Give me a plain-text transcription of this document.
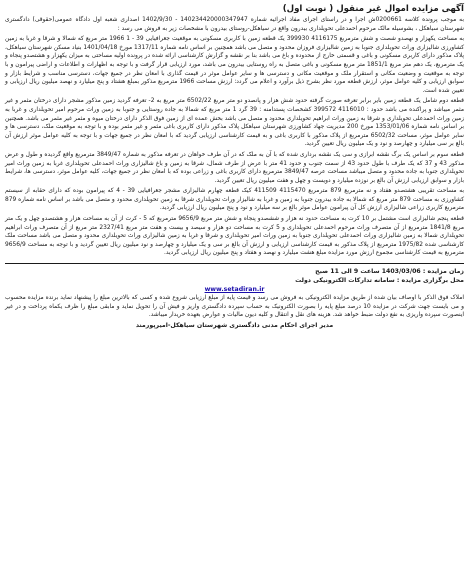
آگهی مزایده اموال غیر منقول ( نوبت اول)
به موجب پرونده کلاسه 0200661ش اجرا و در راستای اجرای مفاد اجرائیه شماره 140234420000347947 - 1402/9/30 اصداری شعبه اول دادگاه عمومی(حقوقی) دادگستری شهرستان سیاهکل ، بشوسیله مالک مرحوم احمدعلی تحویلداری بیدرون واقع در سیاهکل-روستای بیدرون با مشخصات زیر به فروش می رسد :
به مساحت یکهزار و نهصدو شصت و شش مترمربع 4116175 399930 یک قطعه زمین با کاربری مسکونی به موقعیت جغرافیایی 39 - 1 1966 متر مربع که شمالا و شرقا و غربا به زمین کشاورزی شالیزاری وراث تحویلداری جنوبا به زمین شالیزاری فروزان محدود و متصل می باشد همچنین بر اساس نامه شماره 1317/11 مورخ 1401/04/18 بنیاد مسکن شهرستان سیاهکل، پلاک مذکور دارای کاربری مسکونی و باغی و قسمتی خارج از محدوده و باغ می باشد بنا بر نقشه و گزارش کارشناسی ارائه شده در پرونده اولیه مساحتی به میزان یکهزار و هشتصدو پنجاه و یک مترمربع، یک دهم متر مربع 1851/1 متر مربع مسکونی و باغی متصل به راه روستایی بیدرون می باشد، مورد ارزیابی قرار گرفت و با توجه به اظهارات و اطلاعات و اراضی پیرامون و با توجه به موقعیت و وضعیت مکانی و استقرار ملک و موقعیت مکانی و دسترسی ها و سایر عوامل موثر در قیمت گذاری با امعان نظر در جمیع جهات، دسترسی مناسب و شرایط بازار و سوابق ارزیابی و کلیه عوامل موثر، ارزش قطعه مورد نظر بشرح ذیل برآورد و اعلام می گردد: ارزش مساحت 1966 مترمربع مذکور بمبلغ هشتاد و پنج میلیارد و نهصد میلیون ریال ارزیابی و تعیین شده است.
قطعه دوم شامل یک قطعه زمین بایر برابر تعرفه صورت گرفته حدود شش هزار و پانصدو دو متر مربع 6502/22 متر مربع به 2- تعرفه گردید زمین مذکور مشجر دارای درختان مثمر و غیر مثمر میباشد و پراکنده می باشد حدود : 4116010 399572 کشخصات پستدامنه : 39 گرد 1 متر مربع که شمالا به جاده روستایی و جنوبا به زمین وراث مرحوم امیر تحویلداری و غربا به زمین وراث احمدعلی تحویلداری و شرقا به زمین وراث ابراهیم تحویلداری محدود و متصل می باشد بخش عمده ای از زمین فوق الذکر دارای درختان میوه و مثمر غیر مثمر می باشد. همچنین بر اساس نامه شماره 1353/01/06 مورخ 200 مدیریت جهاد کشاورزی شهرستان سیاهکل پلاک مذکور دارای کاربری باغی مثمر و غیر مثمر بوده و با توجه به موقعیت ملک، دسترسی ها و سایر عوامل موثر، مساحت 6502/32 مترمربع از پلاک مذکور با کاربری باغی و به قیمت کارشناسی ارزیابی گردید که با امعان نظر در جمیع جهات و با توجه به کلیه عوامل موثر ارزش آن بالغ بر سی میلیارد و چهارصد و نود و یک میلیون ریال تعیین گردید.
قطعه سوم بر اساس یک برگ نقشه ابرازی و سی یک نقشه برداری شده که با آن به ملک که در آن طرف خواهان در تعرفه مذکور به شماره 3849/47 مترمربع واقع گردیده و طول و عرض مذکور 43 و 37 که یک طرف با طول حدود 43 از سمت جنوب و حدود 41 متر با عرض از طرف شمال، شرقا به زمین و باغ شالیزاری وراث احمدعلی تحویلداری غربا به زمین وراث امیر تحویلداری جنوبا به جاده محدود و متصل میباشد مساحت عرصه 3849/47 مترمربع دارای کاربری باغی و زراعی بوده که با امعان نظر در جمیع جهات، کلیه عوامل موثر، دسترسی ها، شرایط بازار و سوابق ارزیابی ارزش آن بالغ بر نوزده میلیارد و دویست و چهل و هفت میلیون ریال تعیین گردید.
به مساحت تقریبی هشتصدو هفتاد و نه مترمربع 879 مترمربع 4115470 411509 کیک قطعه چهارم شالیزاری مشجر جغرافیایی 39 - 4 که پیرامون بوده که دارای حقابه از سیستم کشاورزی به مساحت 879 متر مربع که شمالا به جاده بیدرون جنوبا به زمین و غربا به شالیزار وراث تحویلداری شرقا به زمین تحویلداری محدود و متصل می باشد بر اساس نامه شماره 879 مترمربع کاربری زراعی شالیزاری ارزش کل آن پیرامون عوامل موثر بالغ بر سه میلیارد و نود و پنج میلیون ریال ارزیابی گردید.
قطعه پنجم شالیزاری است مشتمل بر 10 کرت به مساحت حدود نه هزار و ششصدو پنجاه و شش متر مربع 9656/9 مترمربع که 5 - کرت از آن به مساحت هزار و هشتصدو چهل و یک متر مربع 1841/8 مترمربع از آن متصرف وراث مرحوم احمدعلی تحویلداری و 5 کرت به مساحت دو هزار و سیصد و بیست و هفت متر مربع 2327/41 متر مربع از آن متصرف وراث ابراهیم تحویلداری شمالا به زمین شالیزاری وراث احمدعلی تحویلداری جنوبا به زمین وراث امیر تحویلداری و شرقا و غربا به زمین شالیزاری وراث تحویلداری محدود و متصل می باشد مساحت ملک کارشناسی شده 1975/82 مترمربع از پلاک مذکور به قیمت کارشناسی ارزیابی و ارزش آن بالغ بر سی و یک میلیارد و چهارصد و نود میلیون ریال تعیین گردید و با توجه به مساحت 9656/9 مترمربع به قیمت کارشناسی مجموع ارزش مورد مزایده مبلغ هشت میلیارد و نهصد و هفتاد و پنج میلیون ریال ارزیابی گردید.
زمان مزایده : 1403/03/06 ساعت 9 الی 11 صبح
محل برگزاری مزایده : سامانه تدارکات الکترونیکی دولت
www.setadiran.ir
املاک فوق الذکر با اوصاف بیان شده از طریق مزایده الکترونیکی به فروش می رسد و قیمت پایه از مبلغ ارزیابی شروع شده و کسی که بالاترین مبلغ را پیشنهاد نماید برنده مزایده محسوب و می بایست جهت شرکت در مزایده 10 درصد مبلغ پایه را بصورت الکترونیک به حساب سپرده دادگستری واریز و فیش آن را تحویل نماید و مابقی مبلغ را ظرف یکماه پرداخت و در غیر اینصورت سپرده واریزی به نفع دولت ضبط خواهد شد. هزینه های نقل و انتقال و کلیه دیون مالیات و عوارض بعهده خریدار میباشد.
مدیر اجرای احکام مدنی دادگستری شهرستان سیاهکل-امیرپورمند
